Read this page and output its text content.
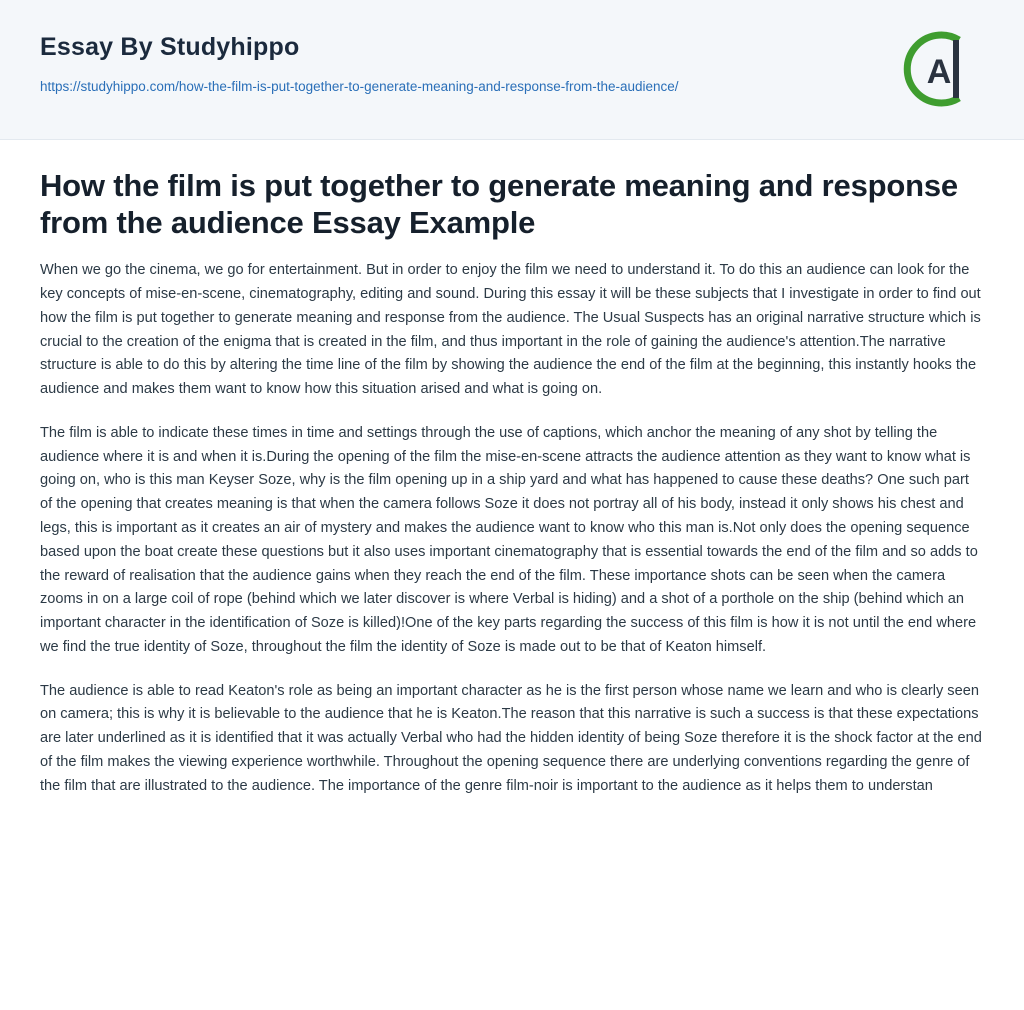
Essay By Studyhippo
https://studyhippo.com/how-the-film-is-put-together-to-generate-meaning-and-response-from-the-audience/	A
How the film is put together to generate meaning and response from the audience Essay Example

When we go the cinema, we go for entertainment. But in order to enjoy the film we need to understand it. To do this an audience can look for the key concepts of mise-en-scene, cinematography, editing and sound. During this essay it will be these subjects that I investigate in order to find out how the film is put together to generate meaning and response from the audience. The Usual Suspects has an original narrative structure which is crucial to the creation of the enigma that is created in the film, and thus important in the role of gaining the audience's attention.The narrative structure is able to do this by altering the time line of the film by showing the audience the end of the film at the beginning, this instantly hooks the audience and makes them want to know how this situation arised and what is going on.

The film is able to indicate these times in time and settings through the use of captions, which anchor the meaning of any shot by telling the audience where it is and when it is.During the opening of the film the mise-en-scene attracts the audience attention as they want to know what is going on, who is this man Keyser Soze, why is the film opening up in a ship yard and what has happened to cause these deaths? One such part of the opening that creates meaning is that when the camera follows Soze it does not portray all of his body, instead it only shows his chest and legs, this is important as it creates an air of mystery and makes the audience want to know who this man is.Not only does the opening sequence based upon the boat create these questions but it also uses important cinematography that is essential towards the end of the film and so adds to the reward of realisation that the audience gains when they reach the end of the film. These importance shots can be seen when the camera zooms in on a large coil of rope (behind which we later discover is where Verbal is hiding) and a shot of a porthole on the ship (behind which an important character in the identification of Soze is killed)!One of the key parts regarding the success of this film is how it is not until the end where we find the true identity of Soze, throughout the film the identity of Soze is made out to be that of Keaton himself.

The audience is able to read Keaton's role as being an important character as he is the first person whose name we learn and who is clearly seen on camera; this is why it is believable to the audience that he is Keaton.The reason that this narrative is such a success is that these expectations are later underlined as it is identified that it was actually Verbal who had the hidden identity of being Soze therefore it is the shock factor at the end of the film makes the viewing experience worthwhile. Throughout the opening sequence there are underlying conventions regarding the genre of the film that are illustrated to the audience. The importance of the genre film-noir is important to the audience as it helps them to understan
